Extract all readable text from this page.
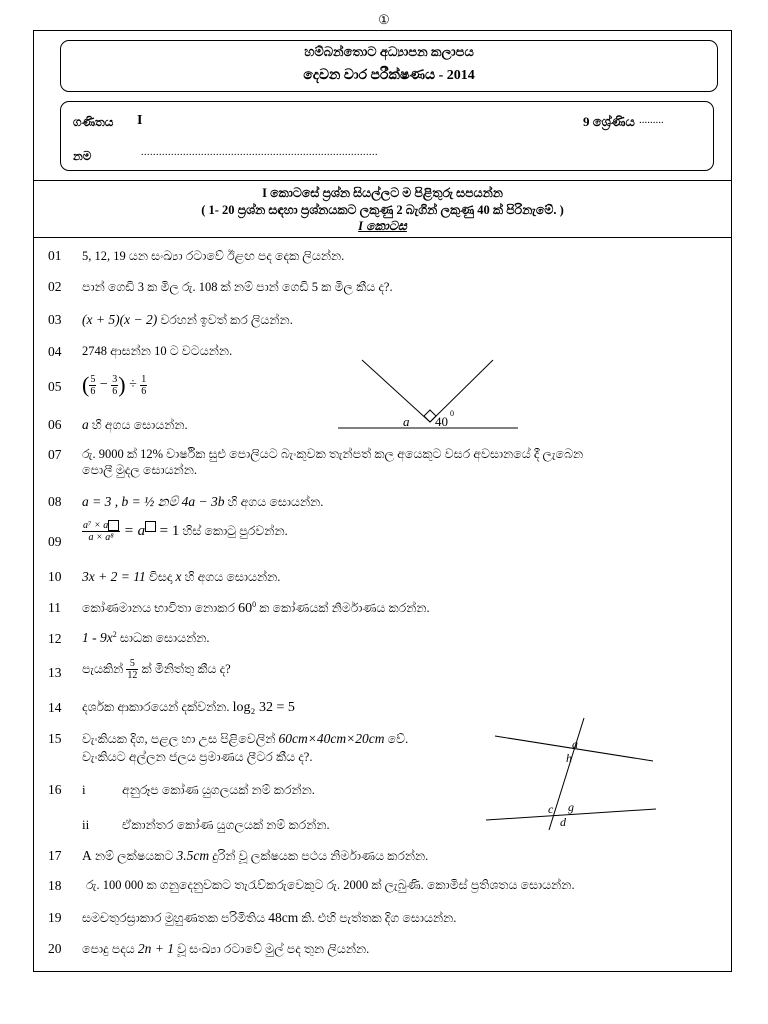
①
හම්බන්තොට අධ්‍යාපන කලාපය
දෙවන වාර පරීක්ෂණය - 2014
ගණිතය I	9 ශ්‍රේණිය .........
නම	...............................................................................
I කොටසේ ප්‍රශ්න සියල්ලට ම පිළිතුරු සපයන්න
( 1- 20 ප්‍රශ්න සඳහා ප්‍රශ්නයකට ලකුණු 2 බැගින් ලකුණු 40 ක් පිරිනැමේ. )
I කොටස
01 5, 12, 19 යන සංඛ්‍යා රටාවේ ඊළඟ පද දෙක ලියන්න.
02 පාන් ගෙඩි 3 ක මිල රු. 108 ක් නම් පාන් ගෙඩි 5 ක මිල කීය ද?.
03 (x + 5)(x − 2) වරහන් ඉවත් කර ලියන්න.
04 2748 ආසන්න 10 ට වටයන්න.
05 ( $\frac{5}{6} - \frac{3}{6}$ ) ÷ $\frac{1}{6}$
a 40
0
06 a හි අගය සොයන්න.
07 රු. 9000 ක් 12% වාර්ෂික සුළු පොලියට බැංකුවක තැන්පත් කල අයෙකුට වසර අවසානයේ දී ලැබෙන
පොලී මුදල සොයන්න.
08 a = 3 , b = ½ නම් 4a − 3b හි අගය සොයන්න.
$09 \frac{\text{a⁷ × a}}{\text{a × a⁸}} = a = 1$ හිස් කොටු පුරවන්න.
10 3x + 2 = 11 විසදා x හි අගය සොයන්න.
11 කෝණමානය භාවිතා නොකර $60^0$ ක කෝණයක් නිර්මාණය කරන්න.
12 $1 - 9x^2$ සාධක සොයන්න.
13 පැයකින් $\frac{5}{12}$ ක් මිනිත්තු කීය ද?
14 දර්ශක ආකාරයෙන් දක්වන්න. log₂ 32 = 5
15 වැංකියක දිග, පළල හා උස පිළිවෙලින් 60cm×40cm×20cm වේ.
වැංකියට අල්ලන ජලය ප්‍රමාණය ලීටර කීය ද?.
a
h
c g
d
16 i	අනුරූප කෝණ යුගලයක් නම් කරන්න.
ii	ඒකාන්තර කෝණ යුගලයක් නම් කරන්න.
17 A නම් ලක්ෂයකට 3.5cm දුරින් වූ ලක්ෂයක පථය නිර්මාණය කරන්න.
18 රු. 100 000 ක ගනුදෙනුවකට තැරැව්කරුවෙකුට රු. 2000 ක් ලැබුණි. කොමිස් ප්‍රතිශතය සොයන්න.
19 සමචතුරස්‍රාකාර මුහුණතක පරිමිතිය 48cm කි. එහි පැත්තක දිග සොයන්න.
20 පොදු පදය 2n + 1 වූ සංඛ්‍යා රටාවේ මුල් පද තුන ලියන්න.
